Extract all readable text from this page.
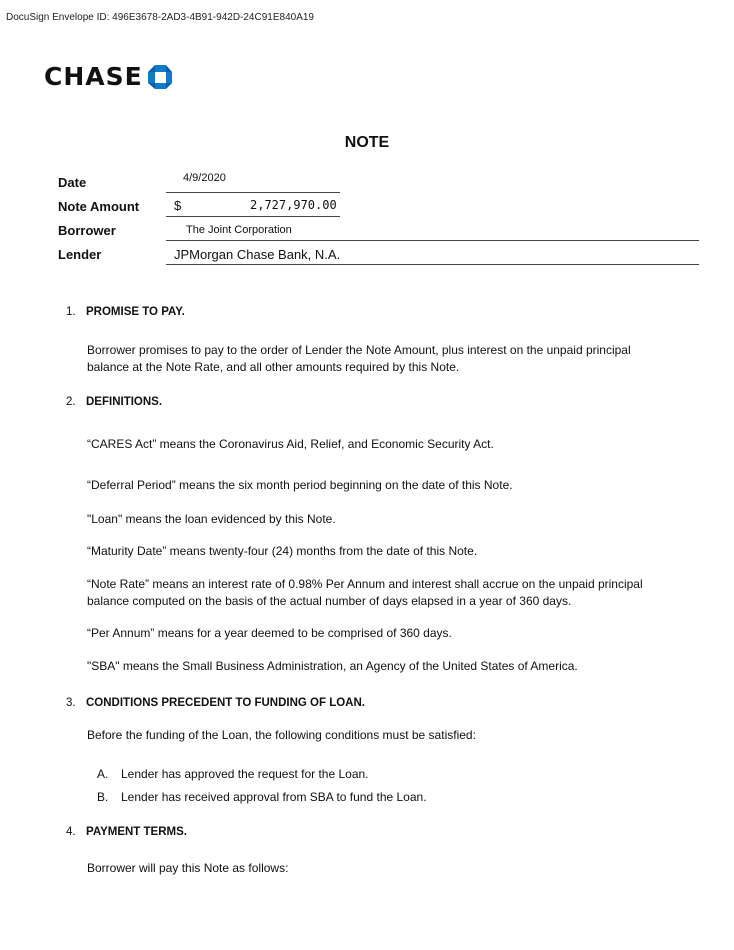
DocuSign Envelope ID: 496E3678-2AD3-4B91-942D-24C91E840A19
CHASE
NOTE
Date	4/9/2020
Note Amount	$	2,727,970.00
Borrower	The Joint Corporation
Lender	JPMorgan Chase Bank, N.A.
1. PROMISE TO PAY.
Borrower promises to pay to the order of Lender the Note Amount, plus interest on the unpaid principal balance at the Note Rate, and all other amounts required by this Note.
2. DEFINITIONS.
“CARES Act” means the Coronavirus Aid, Relief, and Economic Security Act.
“Deferral Period” means the six month period beginning on the date of this Note.
"Loan" means the loan evidenced by this Note.
“Maturity Date” means twenty-four (24) months from the date of this Note.
“Note Rate” means an interest rate of 0.98% Per Annum and interest shall accrue on the unpaid principal balance computed on the basis of the actual number of days elapsed in a year of 360 days.
“Per Annum” means for a year deemed to be comprised of 360 days.
"SBA" means the Small Business Administration, an Agency of the United States of America.
3. CONDITIONS PRECEDENT TO FUNDING OF LOAN.
Before the funding of the Loan, the following conditions must be satisfied:
A. Lender has approved the request for the Loan.
B. Lender has received approval from SBA to fund the Loan.
4. PAYMENT TERMS.
Borrower will pay this Note as follows:
